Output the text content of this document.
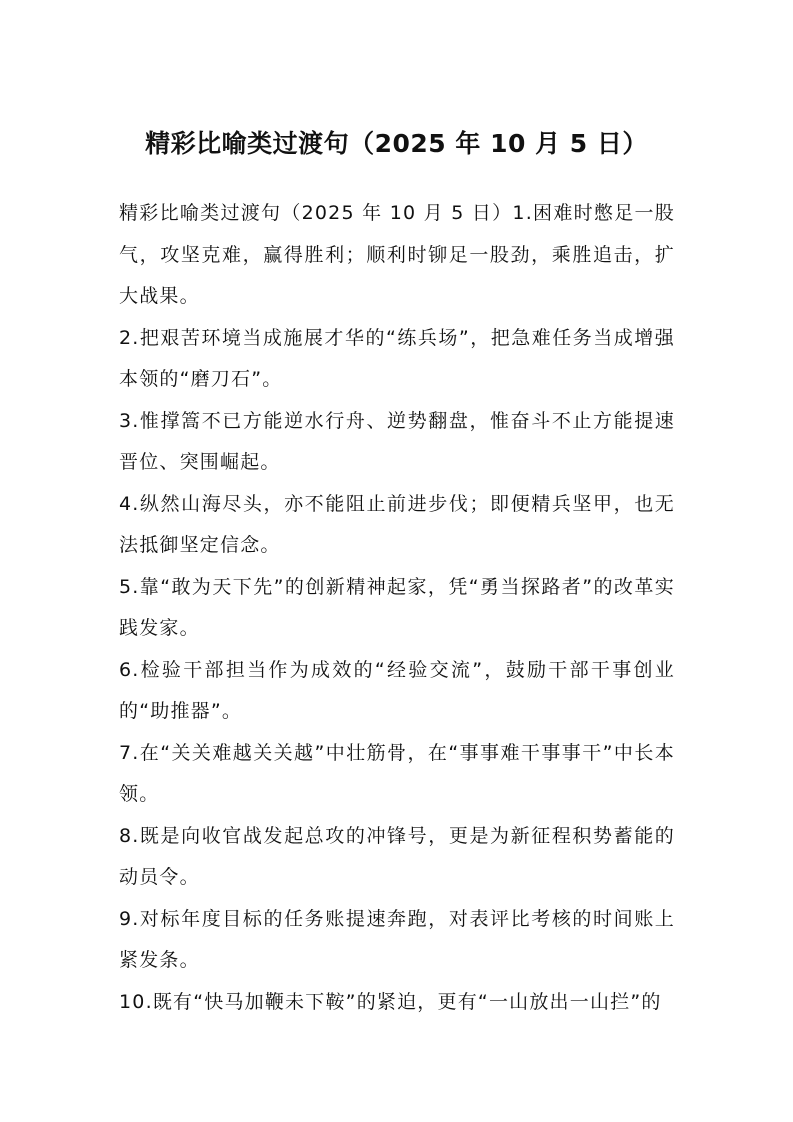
精彩比喻类过渡句（2025 年 10 月 5 日）

精彩比喻类过渡句（2025 年 10 月 5 日）1.困难时憋足一股气，攻坚克难，赢得胜利；顺利时铆足一股劲，乘胜追击，扩大战果。

2.把艰苦环境当成施展才华的“练兵场”，把急难任务当成增强本领的“磨刀石”。

3.惟撑篙不已方能逆水行舟、逆势翻盘，惟奋斗不止方能提速晋位、突围崛起。

4.纵然山海尽头，亦不能阻止前进步伐；即便精兵坚甲，也无法抵御坚定信念。

5.靠“敢为天下先”的创新精神起家，凭“勇当探路者”的改革实践发家。

6.检验干部担当作为成效的“经验交流”，鼓励干部干事创业的“助推器”。

7.在“关关难越关关越”中壮筋骨，在“事事难干事事干”中长本领。

8.既是向收官战发起总攻的冲锋号，更是为新征程积势蓄能的动员令。

9.对标年度目标的任务账提速奔跑，对表评比考核的时间账上紧发条。

10.既有“快马加鞭未下鞍”的紧迫，更有“一山放出一山拦”的
